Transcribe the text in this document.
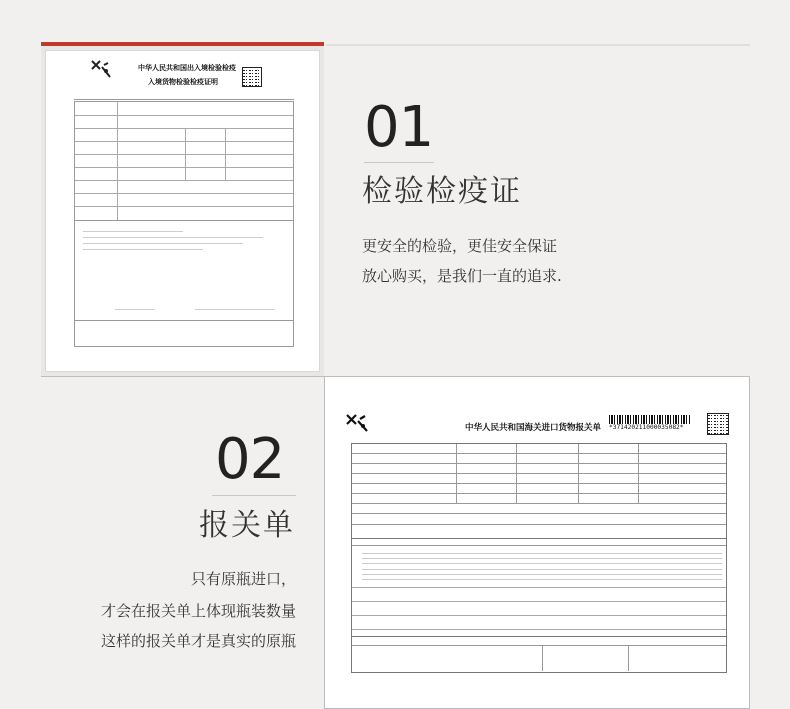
中华人民共和国出入境检验检疫
入境货物检验检疫证明
01
检验检疫证
更安全的检验，更佳安全保证
放心购买，是我们一直的追求.
02
报关单
只有原瓶进口，
才会在报关单上体现瓶装数量
这样的报关单才是真实的原瓶
中华人民共和国海关进口货物报关单 *371420211000035082*
